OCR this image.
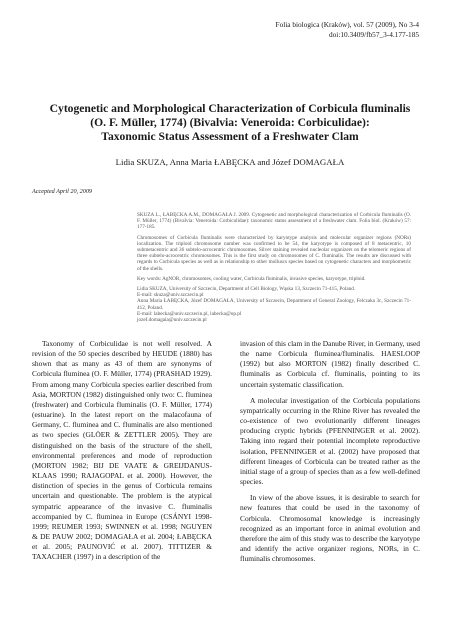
Folia biologica (Kraków), vol. 57 (2009), No 3-4
doi:10.3409/fb57_3-4.177-185
Cytogenetic and Morphological Characterization of Corbicula fluminalis
(O. F. Müller, 1774) (Bivalvia: Veneroida: Corbiculidae):
Taxonomic Status Assessment of a Freshwater Clam
Lidia SKUZA, Anna Maria ŁABĘCKA and Józef DOMAGAŁA
Accepted April 20, 2009

SKUZA L., ŁABĘCKA A.M., DOMAGAŁA J. 2009. Cytogenetic and morphological characterization of Corbicula fluminalis (O. F. Müller, 1774) (Bivalvia: Veneroida: Corbiculidae): taxonomic status assessment of a freshwater clam. Folia biol. (Kraków) 57: 177-185.

Chromosomes of Corbicula fluminalis were characterized by karyotype analysis and molecular organizer regions (NORs) localization. The triploid chromosome number was confirmed to be 54, the karyotype is composed of 8 metacentric, 10 submetacentric and 36 subtelo-acrocentric chromosomes. Silver staining revealed nucleolar organizers on the telomeric regions of three subtelo-acrocentric chromosomes. This is the first study on chromosomes of C. fluminalis. The results are discussed with regards to Corbicula species as well as in relationship to other molluscs species based on cytogenetic characters and morphometric of the shells.

Key words: AgNOR, chromosomes, cooling water, Corbicula fluminalis, invasive species, karyotype, triploid.

Lidia SKUZA, University of Szczecin, Department of Cell Biology, Wąska 13, Szczecin 71-415, Poland.

E-mail: skuza@univ.szczecin.pl

Anna Maria ŁABĘCKA, Józef DOMAGAŁA, University of Szczecin, Department of General Zoology, Felczaka 3c, Szczecin 71-412, Poland.

E-mail: labecka@univ.szczecin.pl, labecka@op.pl

jozef.domagala@univ.szczecin.pl

Taxonomy of Corbiculidae is not well resolved. A revision of the 50 species described by HEUDE (1880) has shown that as many as 43 of them are synonyms of Corbicula fluminea (O. F. Müller, 1774) (PRASHAD 1929). From among many Corbicula species earlier described from Asia, MORTON (1982) distinguished only two: C. fluminea (freshwater) and Corbicula fluminalis (O. F. Müller, 1774) (estuarine). In the latest report on the malacofauna of Germany, C. fluminea and C. fluminalis are also mentioned as two species (GLÖER & ZETTLER 2005). They are distinguished on the basis of the structure of the shell, environmental preferences and mode of reproduction (MORTON 1982; BIJ DE VAATE & GREIJDANUS-KLAAS 1990; RAJAGOPAL et al. 2000). However, the distinction of species in the genus of Corbicula remains uncertain and questionable. The problem is the atypical sympatric appearance of the invasive C. fluminalis accompanied by C. fluminea in Europe (CSÁNYI 1998-1999; REUMER 1993; SWINNEN et al. 1998; NGUYEN & DE PAUW 2002; DOMAGAŁA et al. 2004; ŁABĘCKA et al. 2005; PAUNOVIĆ et al. 2007). TITTIZER & TAXACHER (1997) in a description of the

invasion of this clam in the Danube River, in Germany, used the name Corbicula fluminea/fluminalis. HAESLOOP (1992) but also MORTON (1982) finally described C. fluminalis as Corbicula cf. fluminalis, pointing to its uncertain systematic classification.

A molecular investigation of the Corbicula populations sympatrically occurring in the Rhine River has revealed the co-existence of two evolutionarily different lineages producing cryptic hybrids (PFENNINGER et al. 2002). Taking into regard their potential incomplete reproductive isolation, PFENNINGER et al. (2002) have proposed that different lineages of Corbicula can be treated rather as the initial stage of a group of species than as a few well-defined species.

In view of the above issues, it is desirable to search for new features that could be used in the taxonomy of Corbicula. Chromosomal knowledge is increasingly recognized as an important force in animal evolution and therefore the aim of this study was to describe the karyotype and identify the active organizer regions, NORs, in C. fluminalis chromosomes.
